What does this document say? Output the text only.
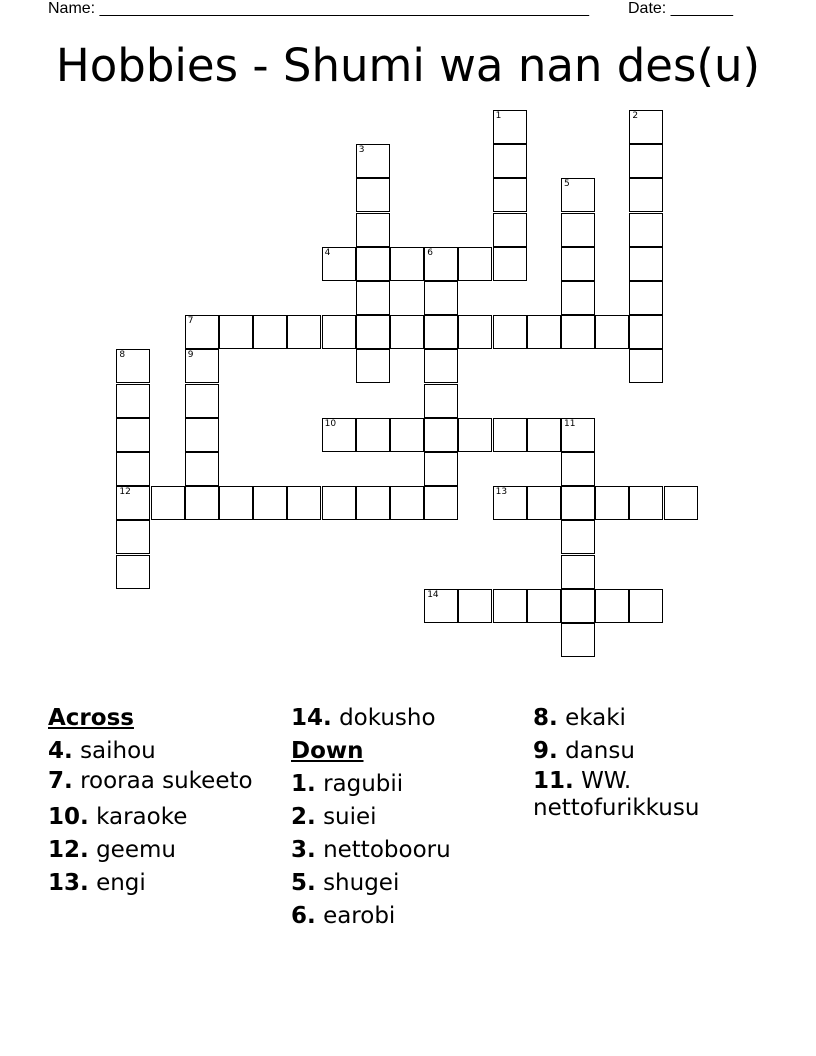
Name: _______________________________________________________ Date: _______
Hobbies - Shumi wa nan des(u)
4	6
7
10
12	13
14
1	2
3
5
8	9
11
Across
4. saihou
7. rooraa sukeeto
10. karaoke
12. geemu
13. engi
14. dokusho
Down
1. ragubii
2. suiei
3. nettobooru
5. shugei
6. earobi
8. ekaki
9. dansu
11. WW. nettofurikkusu
